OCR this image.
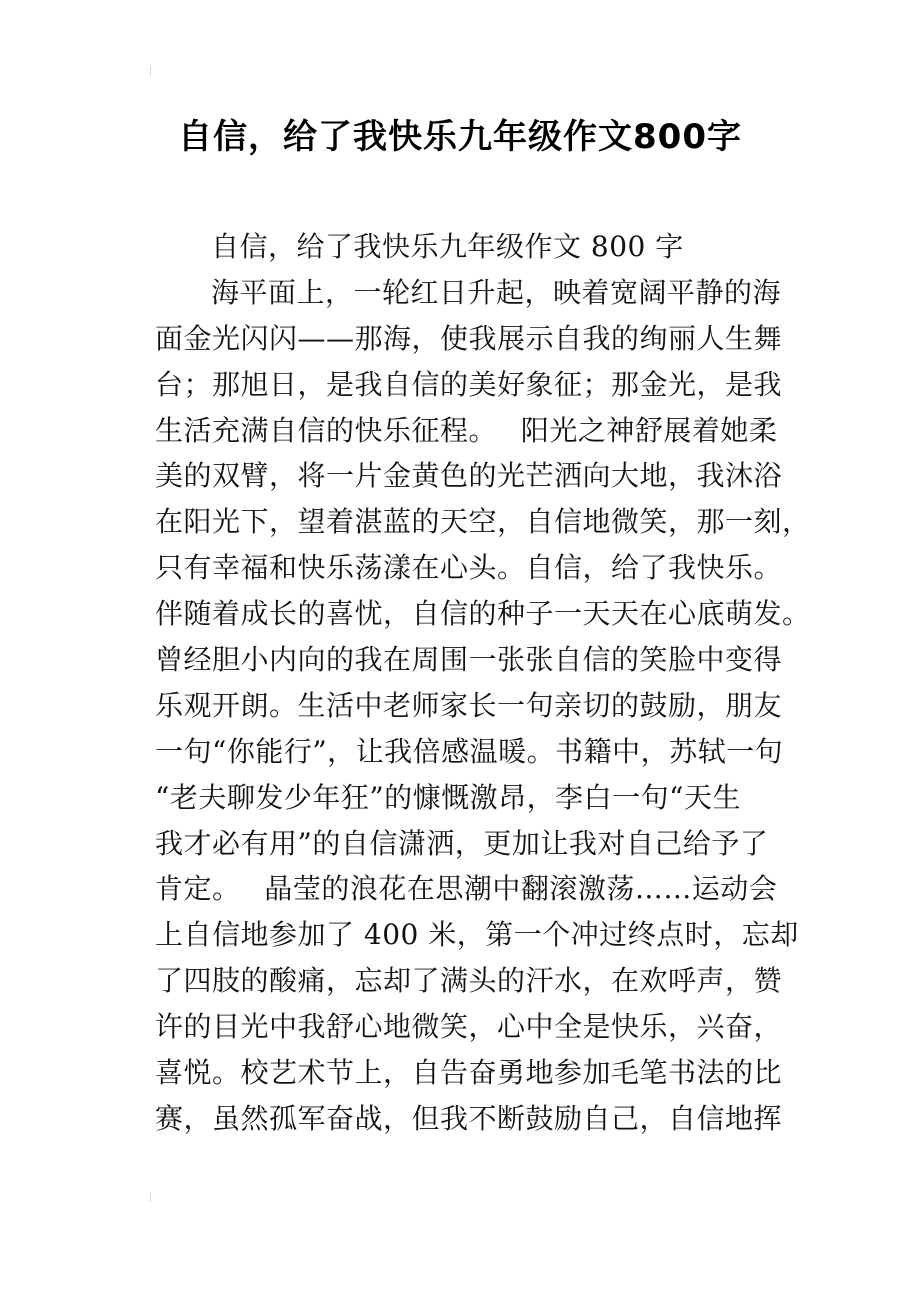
自信，给了我快乐九年级作文800字
自信，给了我快乐九年级作文 800 字
海平面上，一轮红日升起，映着宽阔平静的海
面金光闪闪——那海，使我展示自我的绚丽人生舞
台；那旭日，是我自信的美好象征；那金光，是我
生活充满自信的快乐征程。　 阳光之神舒展着她柔
美的双臂，将一片金黄色的光芒洒向大地，我沐浴
在阳光下，望着湛蓝的天空，自信地微笑，那一刻，
只有幸福和快乐荡漾在心头。自信，给了我快乐。
伴随着成长的喜忧，自信的种子一天天在心底萌发。
曾经胆小内向的我在周围一张张自信的笑脸中变得
乐观开朗。生活中老师家长一句亲切的鼓励，朋友
一句“你能行”，让我倍感温暖。书籍中，苏轼一句
“老夫聊发少年狂”的慷慨激昂，李白一句“天生
我才必有用”的自信潇洒，更加让我对自己给予了
肯定。　 晶莹的浪花在思潮中翻滚激荡……运动会
上自信地参加了 400 米，第一个冲过终点时，忘却
了四肢的酸痛，忘却了满头的汗水，在欢呼声，赞
许的目光中我舒心地微笑，心中全是快乐，兴奋，
喜悦。校艺术节上，自告奋勇地参加毛笔书法的比
赛，虽然孤军奋战，但我不断鼓励自己，自信地挥
